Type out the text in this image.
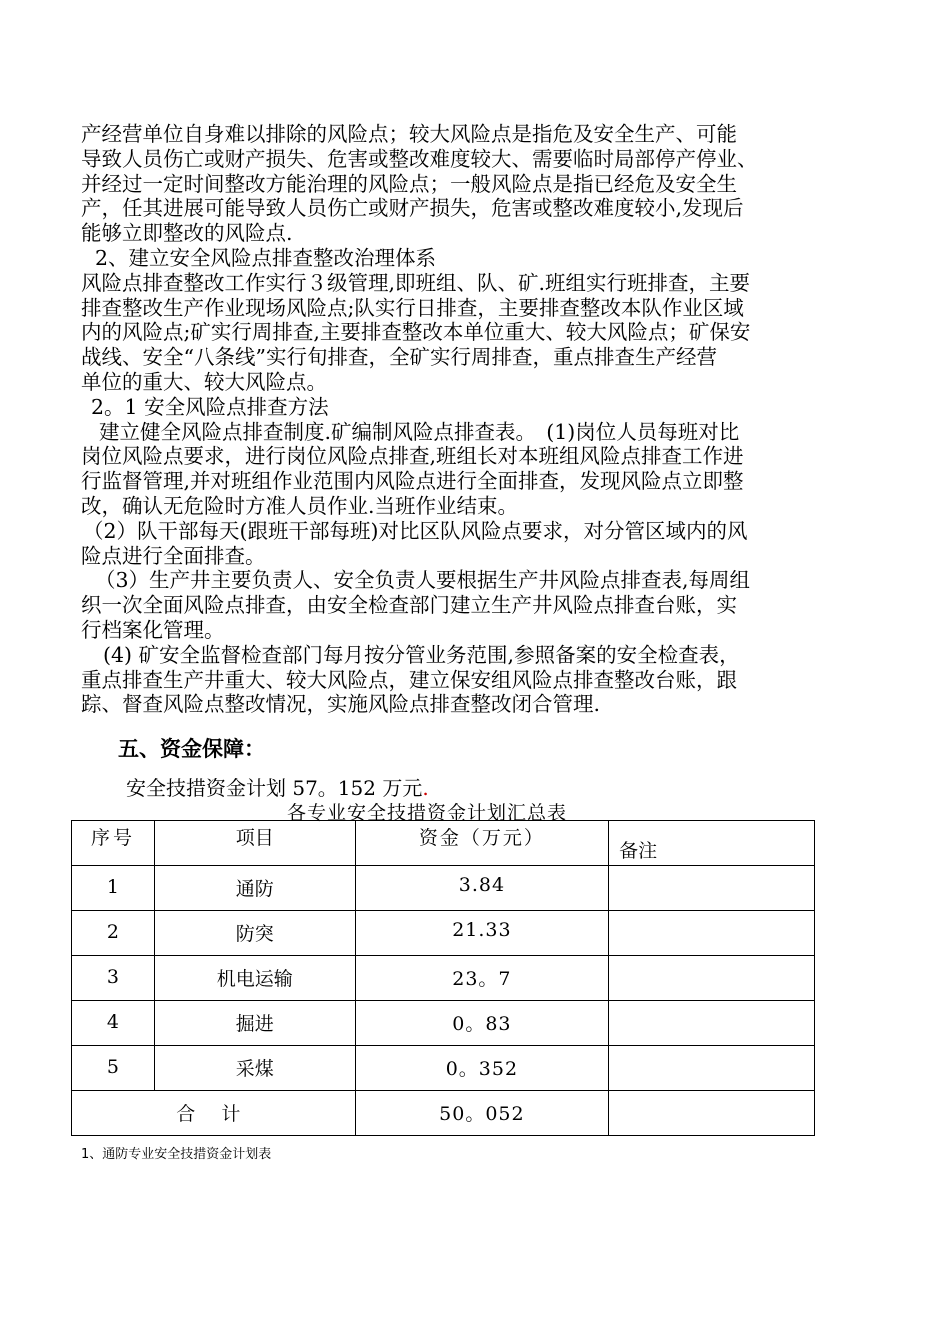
产经营单位自身难以排除的风险点；较大风险点是指危及安全生产、可能

导致人员伤亡或财产损失、危害或整改难度较大、需要临时局部停产停业、

并经过一定时间整改方能治理的风险点；一般风险点是指已经危及安全生

产，任其进展可能导致人员伤亡或财产损失，危害或整改难度较小,发现后

能够立即整改的风险点.

2、建立安全风险点排查整改治理体系

风险点排查整改工作实行３级管理,即班组、队、矿.班组实行班排查，主要

排查整改生产作业现场风险点;队实行日排查，主要排查整改本队作业区域

内的风险点;矿实行周排查,主要排查整改本单位重大、较大风险点；矿保安

战线、安全“八条线”实行旬排查，全矿实行周排查，重点排查生产经营

单位的重大、较大风险点。

2。1 安全风险点排查方法

建立健全风险点排查制度.矿编制风险点排查表。　(1)岗位人员每班对比

岗位风险点要求，进行岗位风险点排查,班组长对本班组风险点排查工作进

行监督管理,并对班组作业范围内风险点进行全面排查，发现风险点立即整

改，确认无危险时方准人员作业.当班作业结束。

（2）队干部每天(跟班干部每班)对比区队风险点要求，对分管区域内的风

险点进行全面排查。

（3）生产井主要负责人、安全负责人要根据生产井风险点排查表,每周组

织一次全面风险点排查，由安全检查部门建立生产井风险点排查台账，实

行档案化管理。

(4) 矿安全监督检查部门每月按分管业务范围,参照备案的安全检查表，

重点排查生产井重大、较大风险点，建立保安组风险点排查整改台账，跟

踪、督查风险点整改情况，实施风险点排查整改闭合管理.

五、资金保障：

安全技措资金计划 57。152 万元.

各专业安全技措资金计划汇总表

序号	项目	资金（万元）	备注
1	通防	3.84	
2	防突	21.33	
3	机电运输	23。7	
4	掘进	0。83	
5	采煤	0。352	
合 计		50。052	

1、通防专业安全技措资金计划表
